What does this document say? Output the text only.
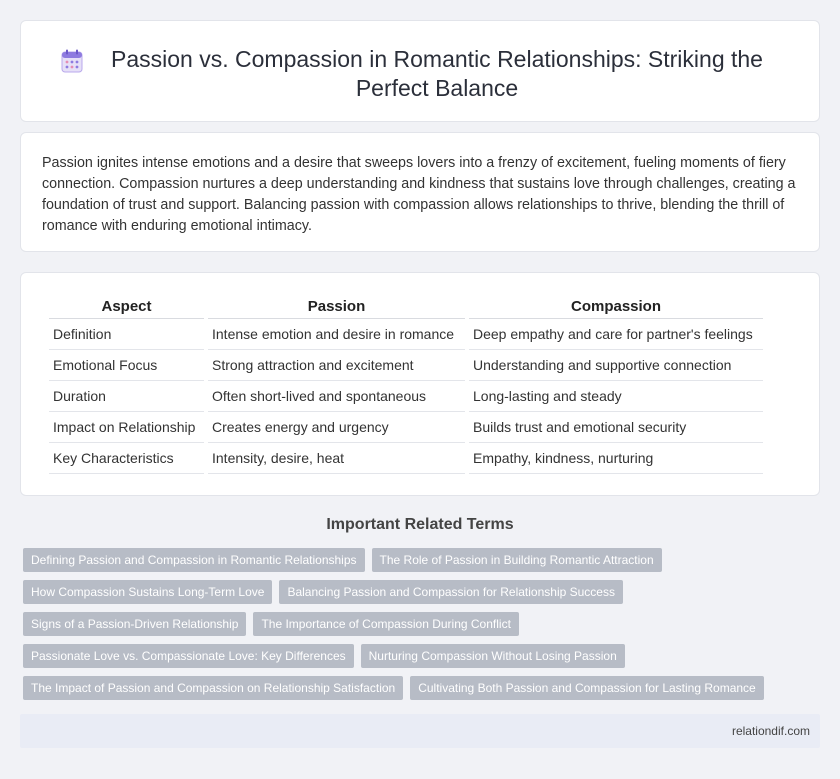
Passion vs. Compassion in Romantic Relationships: Striking the Perfect Balance

Passion ignites intense emotions and a desire that sweeps lovers into a frenzy of excitement, fueling moments of fiery connection. Compassion nurtures a deep understanding and kindness that sustains love through challenges, creating a foundation of trust and support. Balancing passion with compassion allows relationships to thrive, blending the thrill of romance with enduring emotional intimacy.

Aspect	Passion	Compassion
Definition	Intense emotion and desire in romance	Deep empathy and care for partner's feelings
Emotional Focus	Strong attraction and excitement	Understanding and supportive connection
Duration	Often short-lived and spontaneous	Long-lasting and steady
Impact on Relationship	Creates energy and urgency	Builds trust and emotional security
Key Characteristics	Intensity, desire, heat	Empathy, kindness, nurturing
Important Related Terms
Defining Passion and Compassion in Romantic Relationships	The Role of Passion in Building Romantic Attraction
How Compassion Sustains Long-Term Love	Balancing Passion and Compassion for Relationship Success
Signs of a Passion-Driven Relationship	The Importance of Compassion During Conflict
Passionate Love vs. Compassionate Love: Key Differences	Nurturing Compassion Without Losing Passion
The Impact of Passion and Compassion on Relationship Satisfaction	Cultivating Both Passion and Compassion for Lasting Romance
relationdif.com
